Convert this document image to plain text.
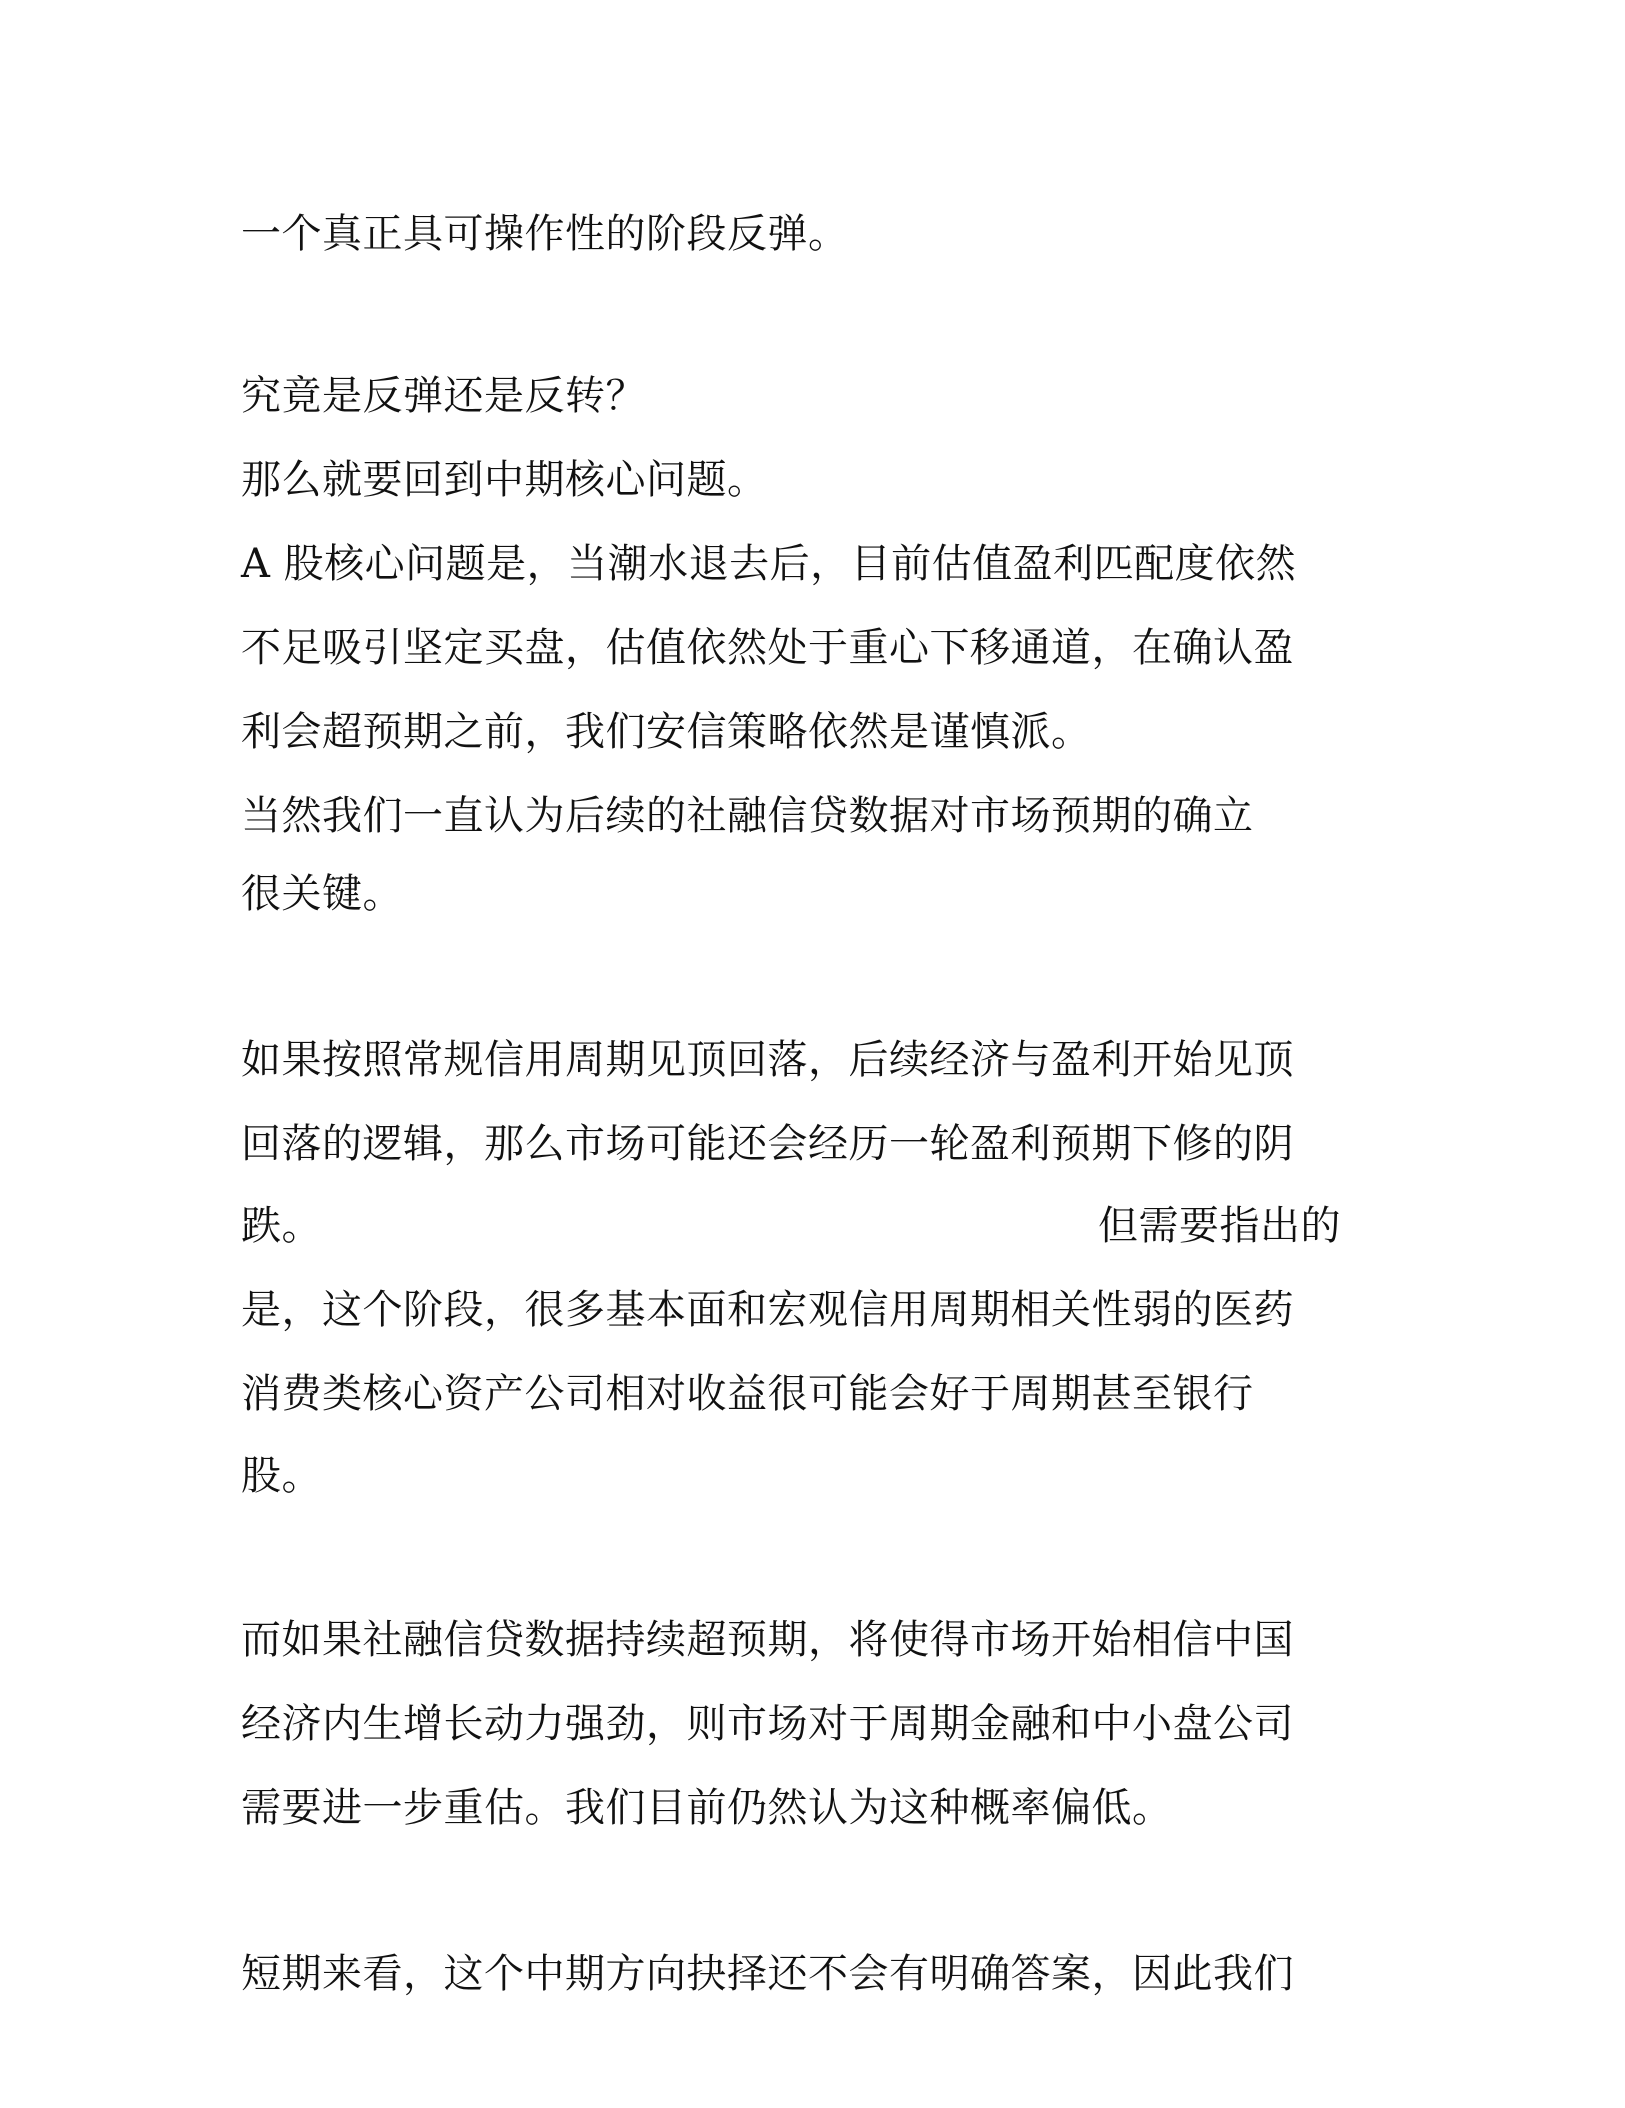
一个真正具可操作性的阶段反弹。
究竟是反弹还是反转？
那么就要回到中期核心问题。
A 股核心问题是，当潮水退去后，目前估值盈利匹配度依然
不足吸引坚定买盘，估值依然处于重心下移通道，在确认盈
利会超预期之前，我们安信策略依然是谨慎派。
当然我们一直认为后续的社融信贷数据对市场预期的确立
很关键。
如果按照常规信用周期见顶回落，后续经济与盈利开始见顶
回落的逻辑，那么市场可能还会经历一轮盈利预期下修的阴
跌。	但需要指出的
是，这个阶段，很多基本面和宏观信用周期相关性弱的医药
消费类核心资产公司相对收益很可能会好于周期甚至银行
股。
而如果社融信贷数据持续超预期，将使得市场开始相信中国
经济内生增长动力强劲，则市场对于周期金融和中小盘公司
需要进一步重估。我们目前仍然认为这种概率偏低。
短期来看，这个中期方向抉择还不会有明确答案，因此我们
